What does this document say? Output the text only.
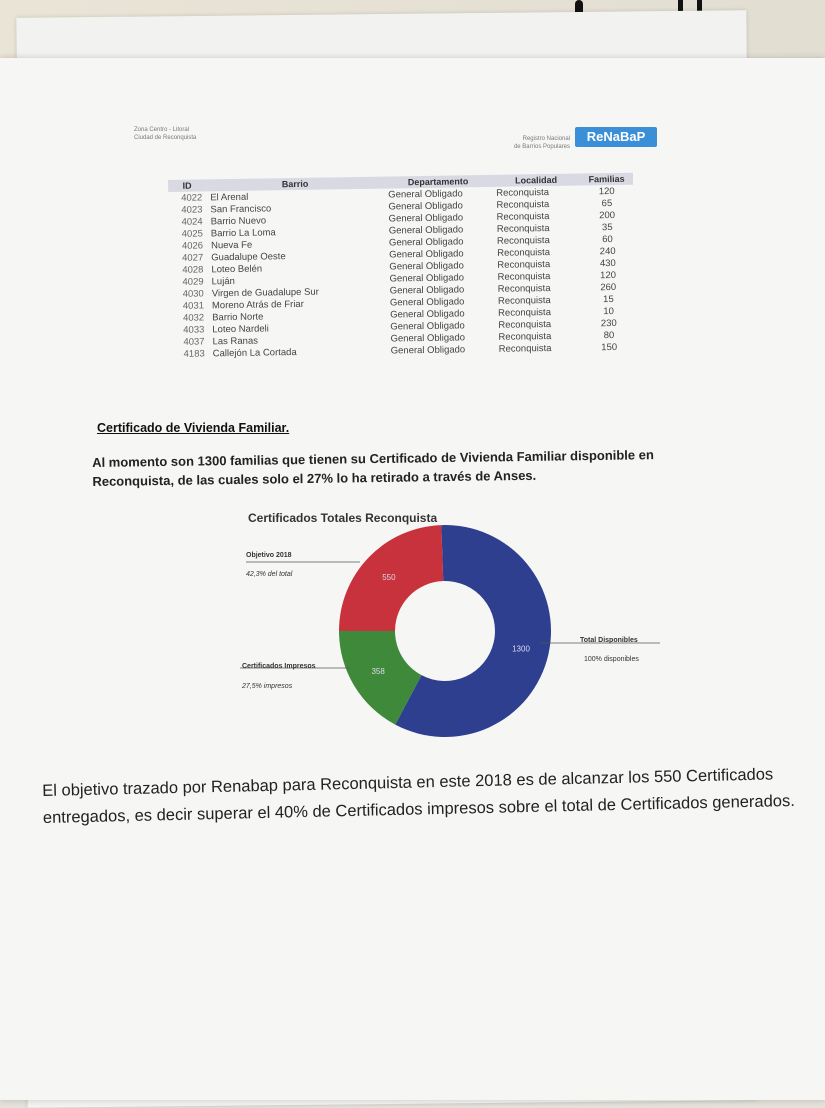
Zona Centro - Litoral
Ciudad de Reconquista	Registro Nacional
de Barrios Populares
ReNaBaP
ID	Barrio	Departamento	Localidad	Familias
4022	El Arenal	General Obligado	Reconquista	120
4023	San Francisco	General Obligado	Reconquista	65
4024	Barrio Nuevo	General Obligado	Reconquista	200
4025	Barrio La Loma	General Obligado	Reconquista	35
4026	Nueva Fe	General Obligado	Reconquista	60
4027	Guadalupe Oeste	General Obligado	Reconquista	240
4028	Loteo Belén	General Obligado	Reconquista	430
4029	Luján	General Obligado	Reconquista	120
4030	Virgen de Guadalupe Sur	General Obligado	Reconquista	260
4031	Moreno Atrás de Friar	General Obligado	Reconquista	15
4032	Barrio Norte	General Obligado	Reconquista	10
4033	Loteo Nardeli	General Obligado	Reconquista	230
4037	Las Ranas	General Obligado	Reconquista	80
4183	Callejón La Cortada	General Obligado	Reconquista	150
Certificado de Vivienda Familiar.
Al momento son 1300 familias que tienen su Certificado de Vivienda Familiar disponible en Reconquista, de las cuales solo el 27% lo ha retirado a través de Anses.
Certificados Totales Reconquista
1300
358
550
Objetivo 2018
42,3% del total
Certificados Impresos
27,5% impresos
Total Disponibles
100% disponibles
El objetivo trazado por Renabap para Reconquista en este 2018 es de alcanzar los 550 Certificados entregados, es decir superar el 40% de Certificados impresos sobre el total de Certificados generados.
